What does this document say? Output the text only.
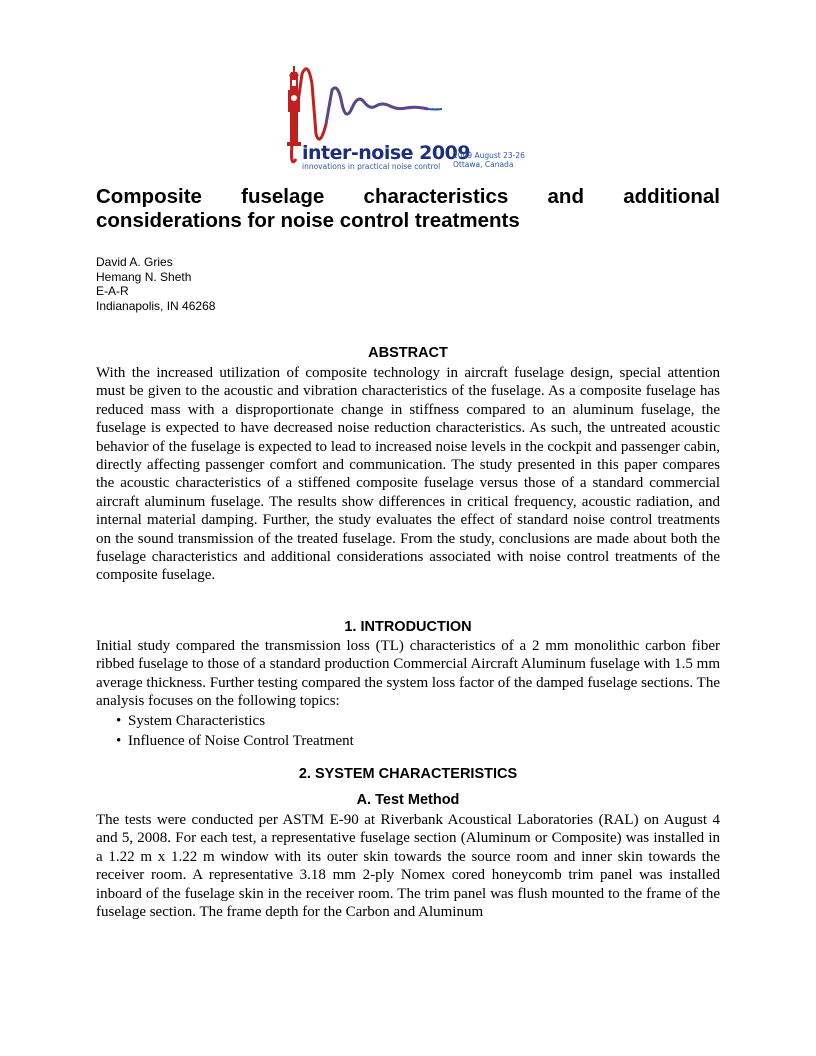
inter-noise 2009
innovations in practical noise control
2009 August 23-26
Ottawa, Canada
Composite fuselage characteristics and additional
considerations for noise control treatments
David A. Gries
Hemang N. Sheth
E-A-R
Indianapolis, IN 46268
ABSTRACT

With the increased utilization of composite technology in aircraft fuselage design, special attention must be given to the acoustic and vibration characteristics of the fuselage. As a composite fuselage has reduced mass with a disproportionate change in stiffness compared to an aluminum fuselage, the fuselage is expected to have decreased noise reduction characteristics. As such, the untreated acoustic behavior of the fuselage is expected to lead to increased noise levels in the cockpit and passenger cabin, directly affecting passenger comfort and communication. The study presented in this paper compares the acoustic characteristics of a stiffened composite fuselage versus those of a standard commercial aircraft aluminum fuselage. The results show differences in critical frequency, acoustic radiation, and internal material damping. Further, the study evaluates the effect of standard noise control treatments on the sound transmission of the treated fuselage. From the study, conclusions are made about both the fuselage characteristics and additional considerations associated with noise control treatments of the composite fuselage.

1. INTRODUCTION

Initial study compared the transmission loss (TL) characteristics of a 2 mm monolithic carbon fiber ribbed fuselage to those of a standard production Commercial Aircraft Aluminum fuselage with 1.5 mm average thickness. Further testing compared the system loss factor of the damped fuselage sections. The analysis focuses on the following topics:

• System Characteristics
• Influence of Noise Control Treatment
2. SYSTEM CHARACTERISTICS
A. Test Method

The tests were conducted per ASTM E-90 at Riverbank Acoustical Laboratories (RAL) on August 4 and 5, 2008. For each test, a representative fuselage section (Aluminum or Composite) was installed in a 1.22 m x 1.22 m window with its outer skin towards the source room and inner skin towards the receiver room. A representative 3.18 mm 2-ply Nomex cored honeycomb trim panel was installed inboard of the fuselage skin in the receiver room. The trim panel was flush mounted to the frame of the fuselage section. The frame depth for the Carbon and Aluminum
